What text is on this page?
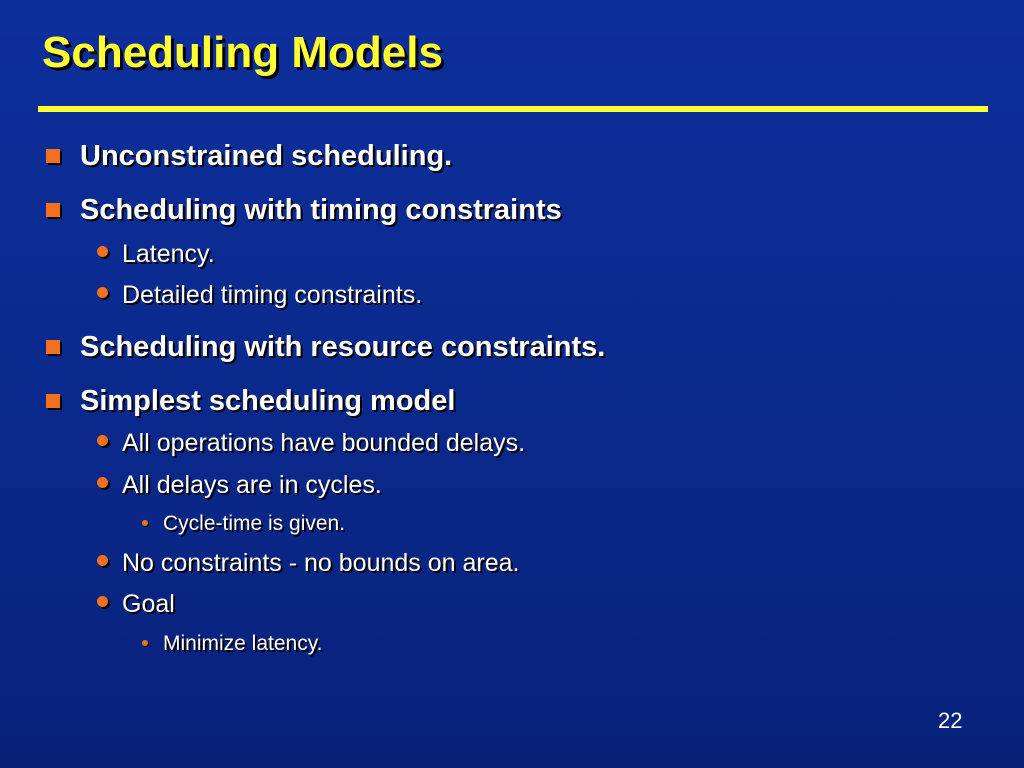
Scheduling Models
Unconstrained scheduling.
Scheduling with timing constraints
Latency.
Detailed timing constraints.
Scheduling with resource constraints.
Simplest scheduling model
All operations have bounded delays.
All delays are in cycles.
Cycle-time is given.
No constraints - no bounds on area.
Goal
Minimize latency.
22
